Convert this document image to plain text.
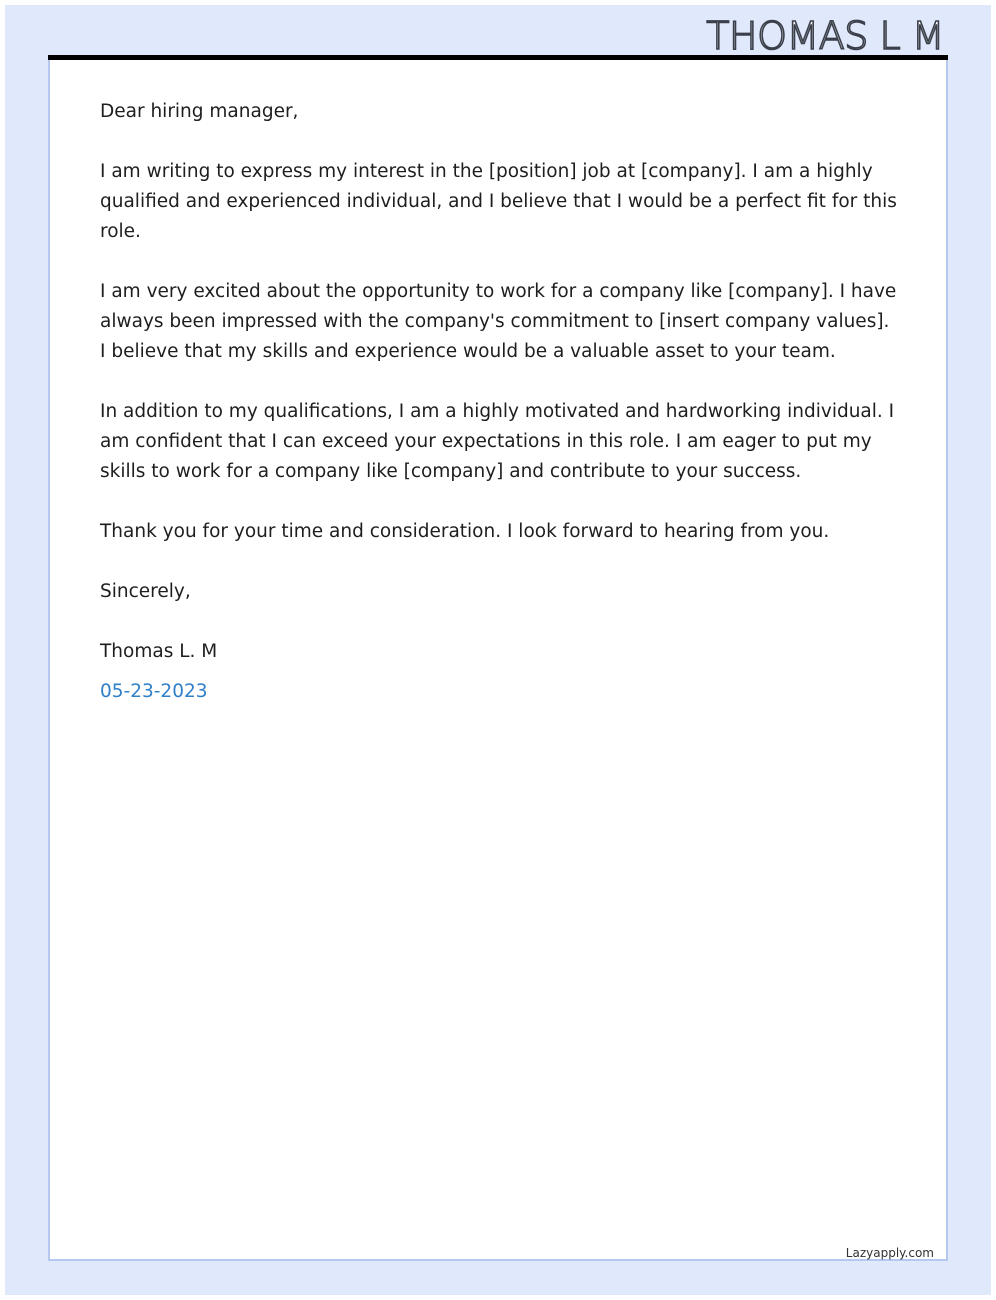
THOMAS L M

Dear hiring manager,

I am writing to express my interest in the [position] job at [company]. I am a highly qualified and experienced individual, and I believe that I would be a perfect fit for this role.

I am very excited about the opportunity to work for a company like [company]. I have always been impressed with the company's commitment to [insert company values]. I believe that my skills and experience would be a valuable asset to your team.

In addition to my qualifications, I am a highly motivated and hardworking individual. I am confident that I can exceed your expectations in this role. I am eager to put my skills to work for a company like [company] and contribute to your success.

Thank you for your time and consideration. I look forward to hearing from you.

Sincerely,

Thomas L. M

05-23-2023

Lazyapply.com
